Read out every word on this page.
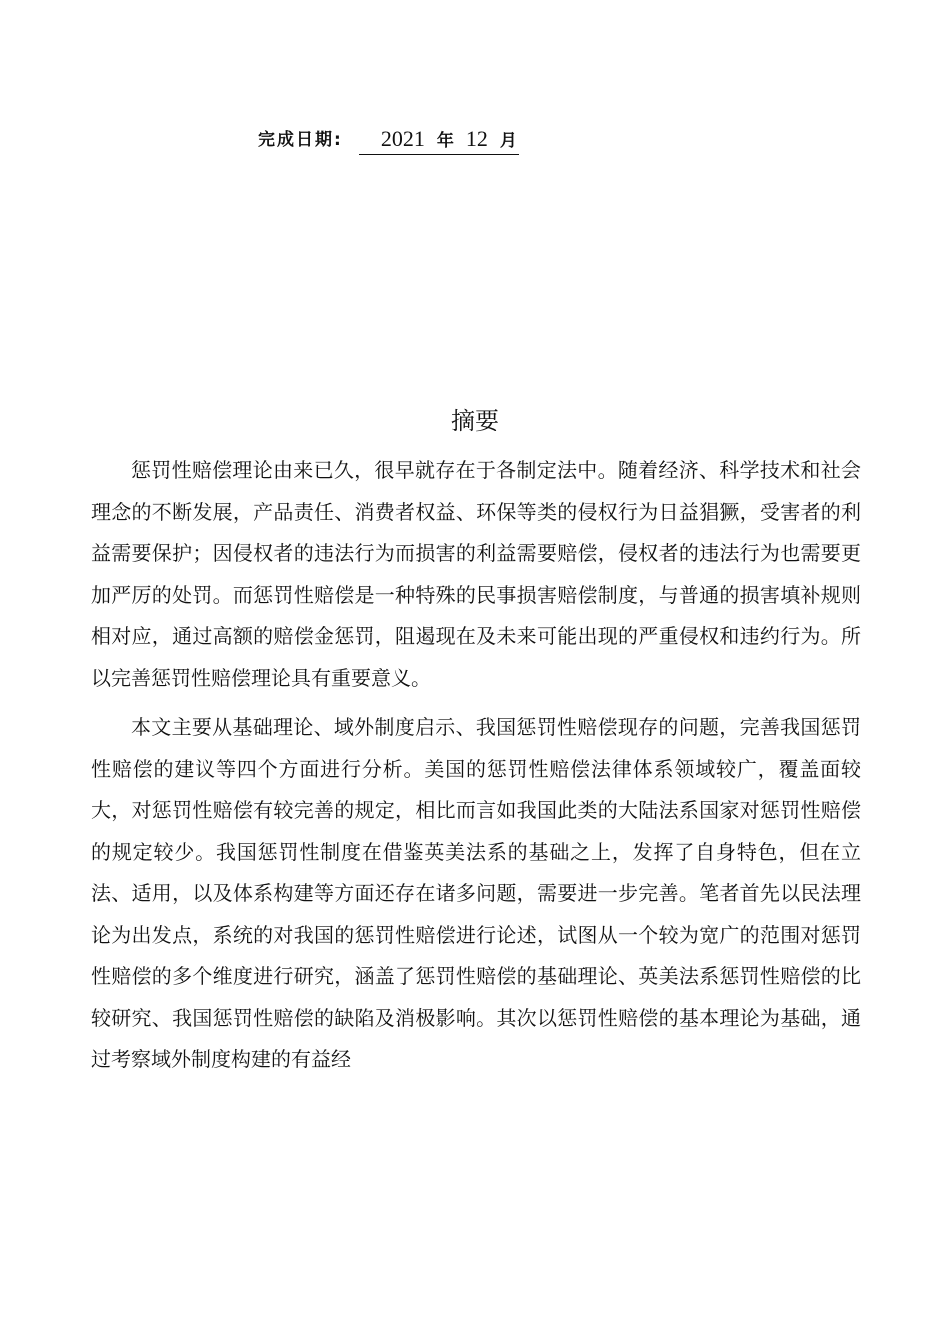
完成日期: 2021 年 12 月
摘要

惩罚性赔偿理论由来已久，很早就存在于各制定法中。随着经济、科学技术和社会理念的不断发展，产品责任、消费者权益、环保等类的侵权行为日益猖獗，受害者的利益需要保护；因侵权者的违法行为而损害的利益需要赔偿，侵权者的违法行为也需要更加严厉的处罚。而惩罚性赔偿是一种特殊的民事损害赔偿制度，与普通的损害填补规则相对应，通过高额的赔偿金惩罚，阻遏现在及未来可能出现的严重侵权和违约行为。所以完善惩罚性赔偿理论具有重要意义。

本文主要从基础理论、域外制度启示、我国惩罚性赔偿现存的问题，完善我国惩罚性赔偿的建议等四个方面进行分析。美国的惩罚性赔偿法律体系领域较广，覆盖面较大，对惩罚性赔偿有较完善的规定，相比而言如我国此类的大陆法系国家对惩罚性赔偿的规定较少。我国惩罚性制度在借鉴英美法系的基础之上，发挥了自身特色，但在立法、适用，以及体系构建等方面还存在诸多问题，需要进一步完善。笔者首先以民法理论为出发点，系统的对我国的惩罚性赔偿进行论述，试图从一个较为宽广的范围对惩罚性赔偿的多个维度进行研究，涵盖了惩罚性赔偿的基础理论、英美法系惩罚性赔偿的比较研究、我国惩罚性赔偿的缺陷及消极影响。其次以惩罚性赔偿的基本理论为基础，通过考察域外制度构建的有益经
